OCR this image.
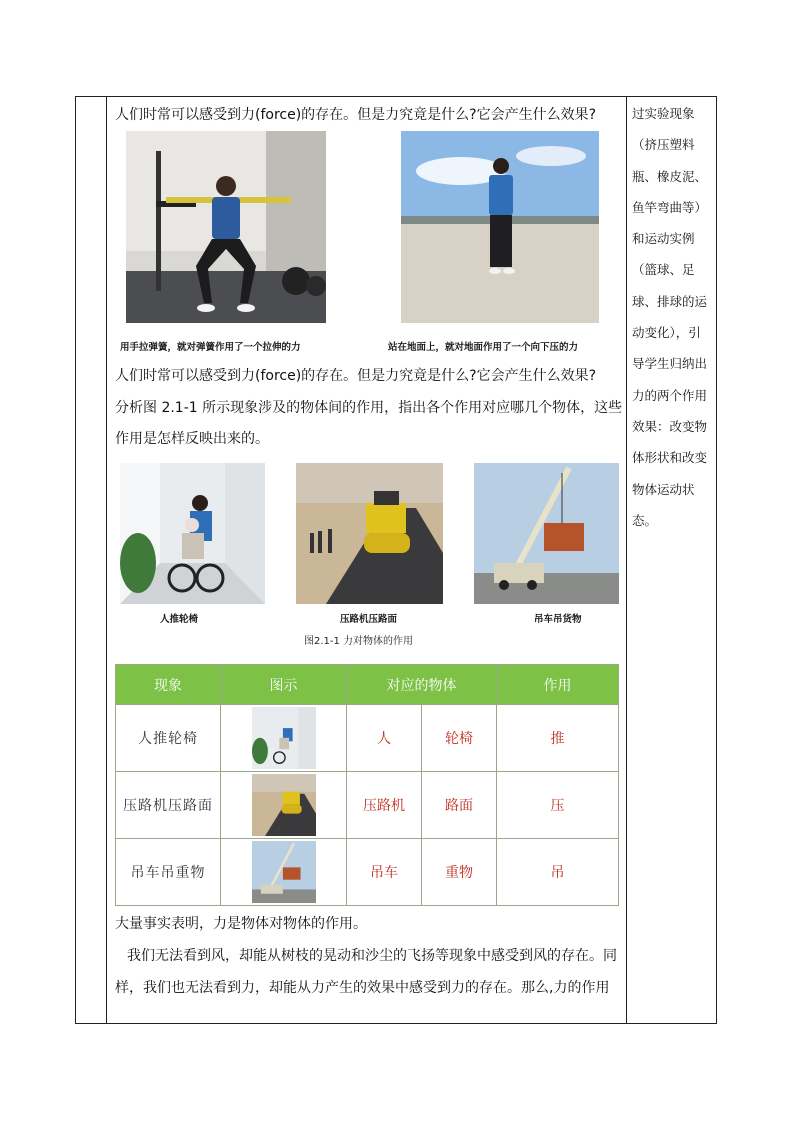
过实验现象（挤压塑料瓶、橡皮泥、鱼竿弯曲等）和运动实例（篮球、足球、排球的运动变化），引导学生归纳出力的两个作用效果：改变物体形状和改变物体运动状态。
人们时常可以感受到力(force)的存在。但是力究竟是什么?它会产生什么效果?
用手拉弹簧，就对弹簧作用了一个拉伸的力	站在地面上，就对地面作用了一个向下压的力
人们时常可以感受到力(force)的存在。但是力究竟是什么?它会产生什么效果?
分析图 2.1-1 所示现象涉及的物体间的作用，指出各个作用对应哪几个物体，这些
作用是怎样反映出来的。
人推轮椅	压路机压路面	吊车吊货物
图2.1-1 力对物体的作用
现象	图示	对应的物体		作用
人推轮椅		人	轮椅	推
压路机压路面		压路机	路面	压
吊车吊重物		吊车	重物	吊
大量事实表明，力是物体对物体的作用。
我们无法看到风，却能从树枝的晃动和沙尘的飞扬等现象中感受到风的存在。同
样，我们也无法看到力，却能从力产生的效果中感受到力的存在。那么,力的作用
